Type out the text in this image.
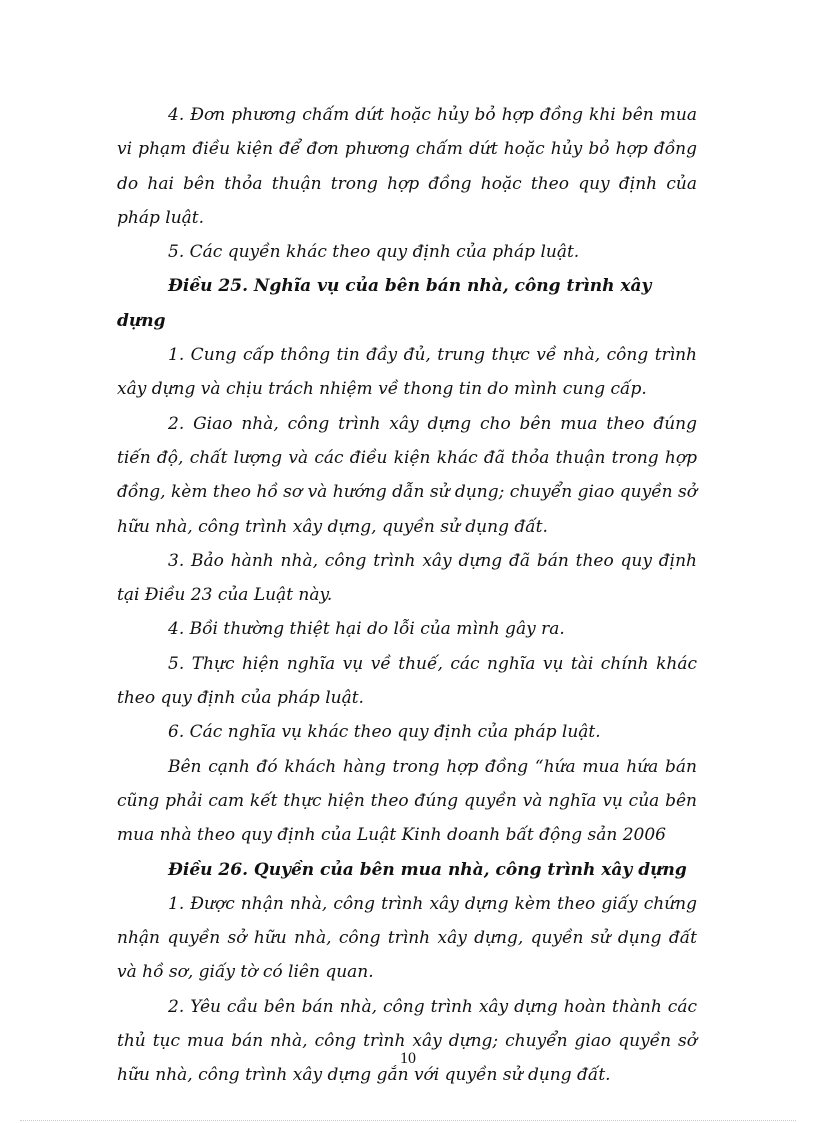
4. Đơn phương chấm dứt hoặc hủy bỏ hợp đồng khi bên mua vi phạm điều kiện để đơn phương chấm dứt hoặc hủy bỏ hợp đồng do hai bên thỏa thuận trong hợp đồng hoặc theo quy định của pháp luật.

5. Các quyền khác theo quy định của pháp luật.

Điều 25. Nghĩa vụ của bên bán nhà, công trình xây dựng

1. Cung cấp thông tin đầy đủ, trung thực về nhà, công trình xây dựng và chịu trách nhiệm về thong tin do mình cung cấp.

2. Giao nhà, công trình xây dựng cho bên mua theo đúng tiến độ, chất lượng và các điều kiện khác đã thỏa thuận trong hợp đồng, kèm theo hồ sơ và hướng dẫn sử dụng; chuyển giao quyền sở hữu nhà, công trình xây dựng, quyền sử dụng đất.

3. Bảo hành nhà, công trình xây dựng đã bán theo quy định tại Điều 23 của Luật này.

4. Bồi thường thiệt hại do lỗi của mình gây ra.

5. Thực hiện nghĩa vụ về thuế, các nghĩa vụ tài chính khác theo quy định của pháp luật.

6. Các nghĩa vụ khác theo quy định của pháp luật.

Bên cạnh đó khách hàng trong hợp đồng “hứa mua hứa bán cũng phải cam kết thực hiện theo đúng quyền và nghĩa vụ của bên mua nhà theo quy định của Luật Kinh doanh bất động sản 2006

Điều 26. Quyền của bên mua nhà, công trình xây dựng

1. Được nhận nhà, công trình xây dựng kèm theo giấy chứng nhận quyền sở hữu nhà, công trình xây dựng, quyền sử dụng đất và hồ sơ, giấy tờ có liên quan.

2. Yêu cầu bên bán nhà, công trình xây dựng hoàn thành các thủ tục mua bán nhà, công trình xây dựng; chuyển giao quyền sở hữu nhà, công trình xây dựng gắn với quyền sử dụng đất.

10
